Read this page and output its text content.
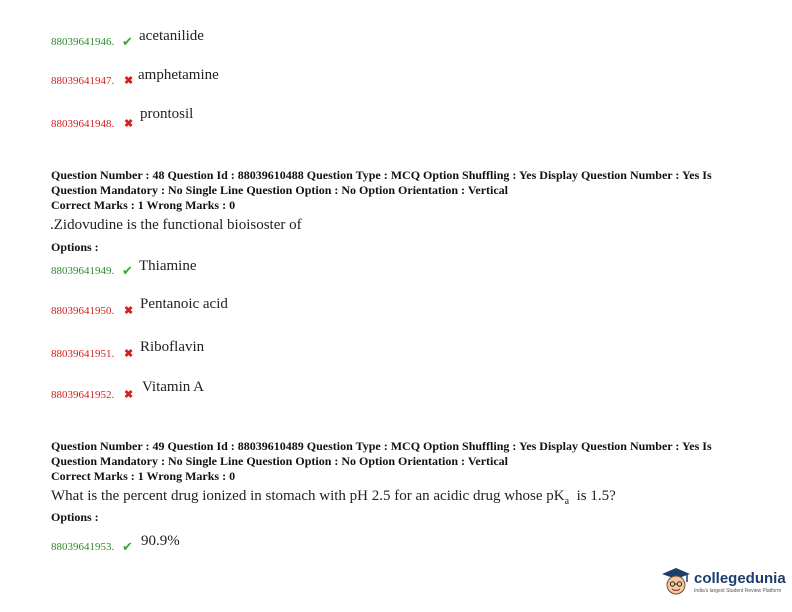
88039641946. ✔ acetanilide
88039641947. ✖ amphetamine
88039641948. ✖
prontosil
Question Number : 48 Question Id : 88039610488 Question Type : MCQ Option Shuffling : Yes Display Question Number : Yes Is
Question Mandatory : No Single Line Question Option : No Option Orientation : Vertical
Correct Marks : 1 Wrong Marks : 0
.Zidovudine is the functional bioisoster of
Options :
88039641949. ✔ Thiamine
88039641950. ✖ Pentanoic acid
88039641951. ✖ Riboflavin
88039641952. ✖ Vitamin A
Question Number : 49 Question Id : 88039610489 Question Type : MCQ Option Shuffling : Yes Display Question Number : Yes Is
Question Mandatory : No Single Line Question Option : No Option Orientation : Vertical
Correct Marks : 1 Wrong Marks : 0
What is the percent drug ionized in stomach with pH 2.5 for an acidic drug whose $pK_a$  is 1.5?
Options :
88039641953. ✔ 90.9%
collegedunia
India's largest Student Review Platform
